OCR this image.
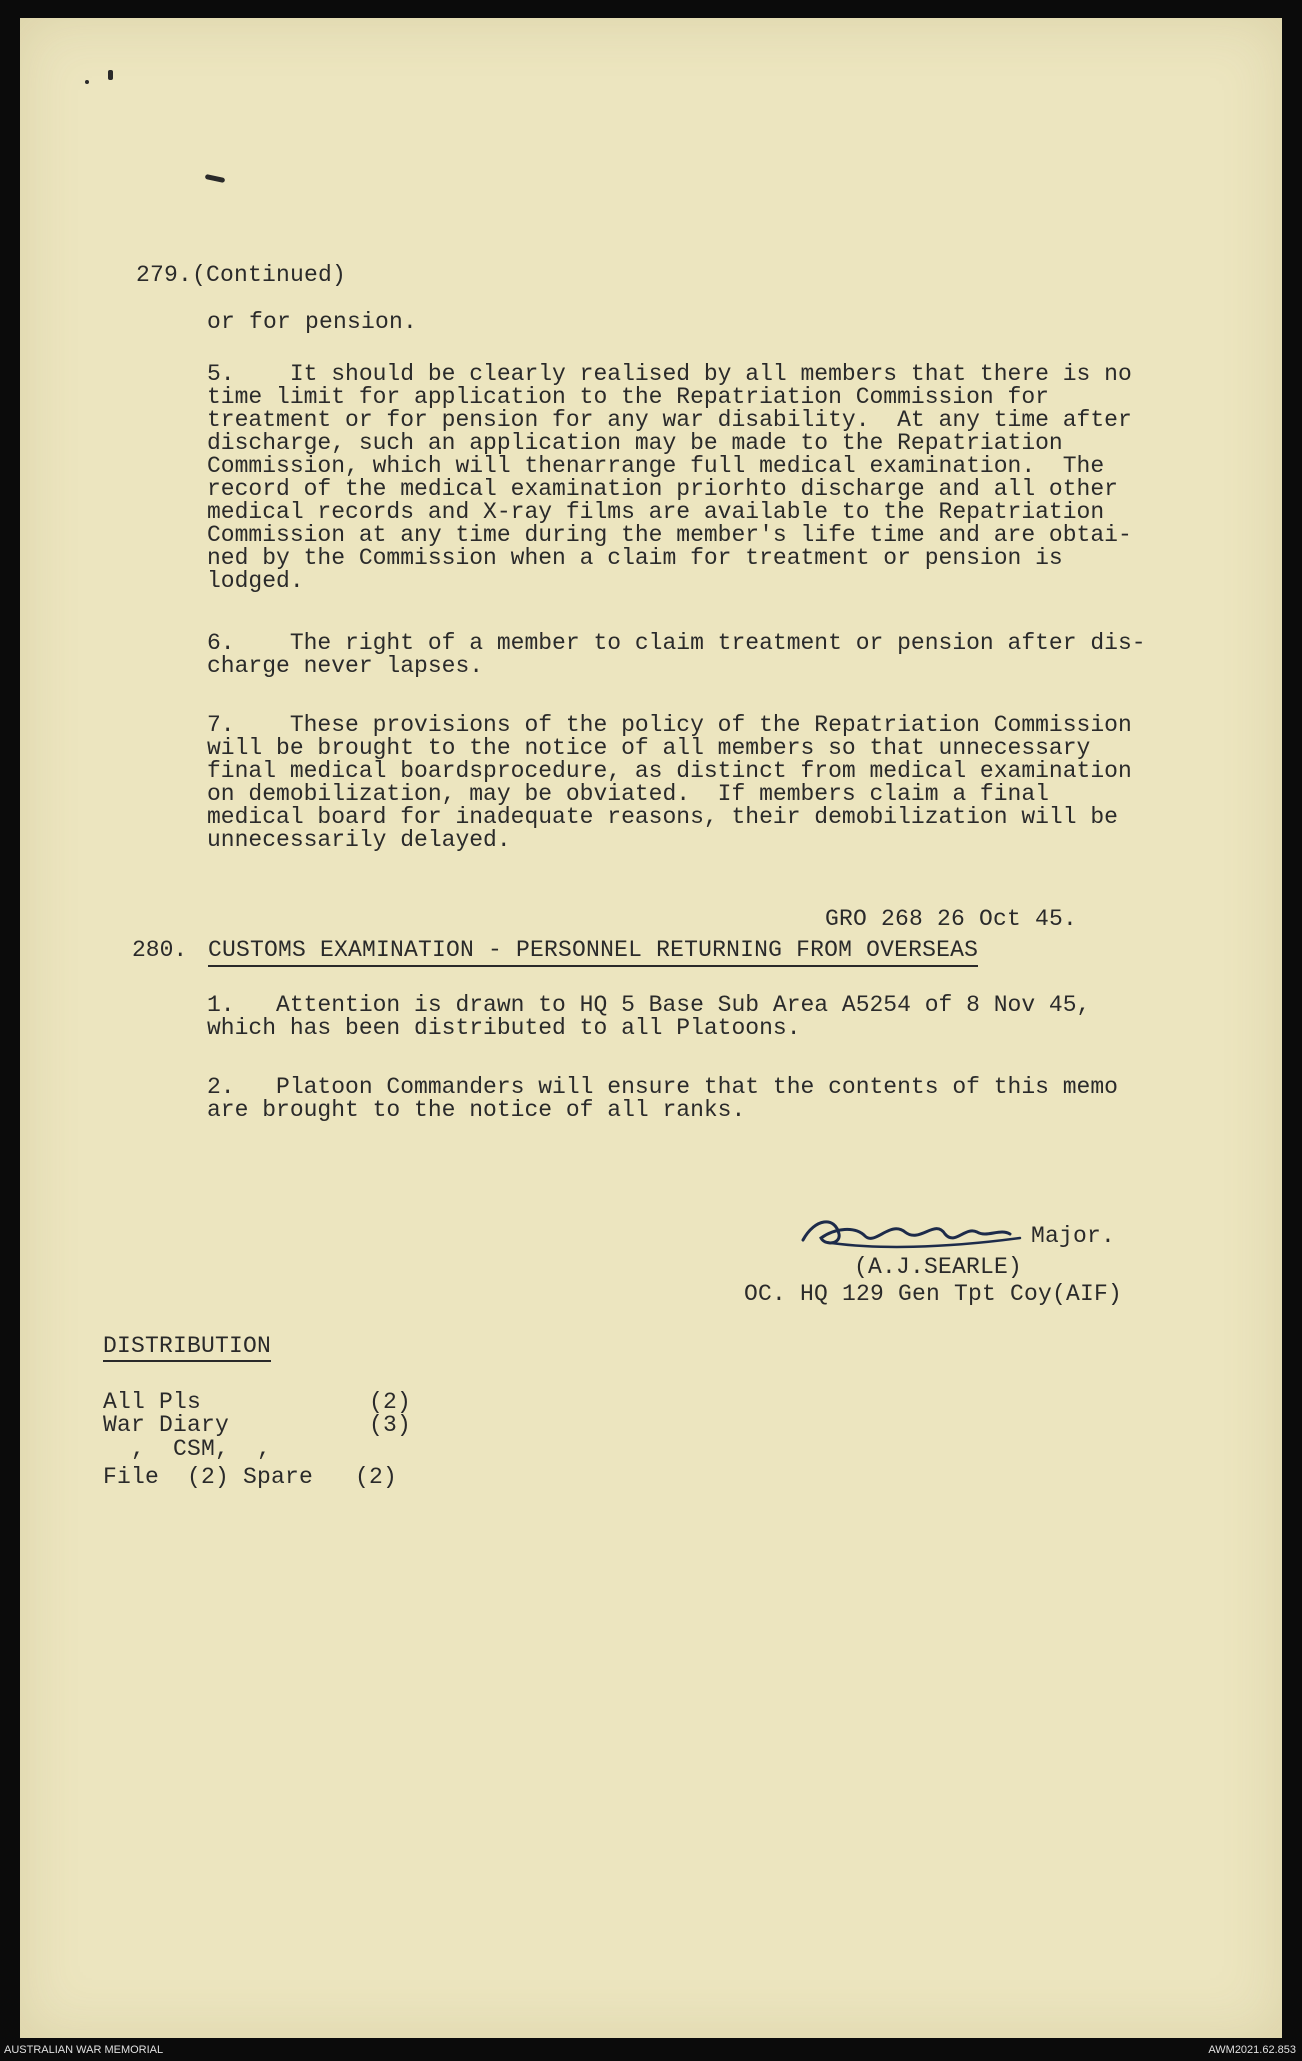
279.(Continued)
or for pension.
5.    It should be clearly realised by all members that there is no
time limit for application to the Repatriation Commission for
treatment or for pension for any war disability.  At any time after
discharge, such an application may be made to the Repatriation
Commission, which will thenarrange full medical examination.  The
record of the medical examination priorhto discharge and all other
medical records and X-ray films are available to the Repatriation
Commission at any time during the member's life time and are obtai-
ned by the Commission when a claim for treatment or pension is
lodged.
6.    The right of a member to claim treatment or pension after dis-
charge never lapses.
7.    These provisions of the policy of the Repatriation Commission
will be brought to the notice of all members so that unnecessary
final medical boardsprocedure, as distinct from medical examination
on demobilization, may be obviated.  If members claim a final
medical board for inadequate reasons, their demobilization will be
unnecessarily delayed.
GRO 268 26 Oct 45.
280. CUSTOMS EXAMINATION - PERSONNEL RETURNING FROM OVERSEAS
1.   Attention is drawn to HQ 5 Base Sub Area A5254 of 8 Nov 45,
which has been distributed to all Platoons.
2.   Platoon Commanders will ensure that the contents of this memo
are brought to the notice of all ranks.
Major.
(A.J.SEARLE)
OC. HQ 129 Gen Tpt Coy(AIF)
DISTRIBUTION
All Pls            (2)
War Diary          (3)
,  CSM,  ,
File  (2) Spare   (2)
AUSTRALIAN WAR MEMORIAL	AWM2021.62.853
